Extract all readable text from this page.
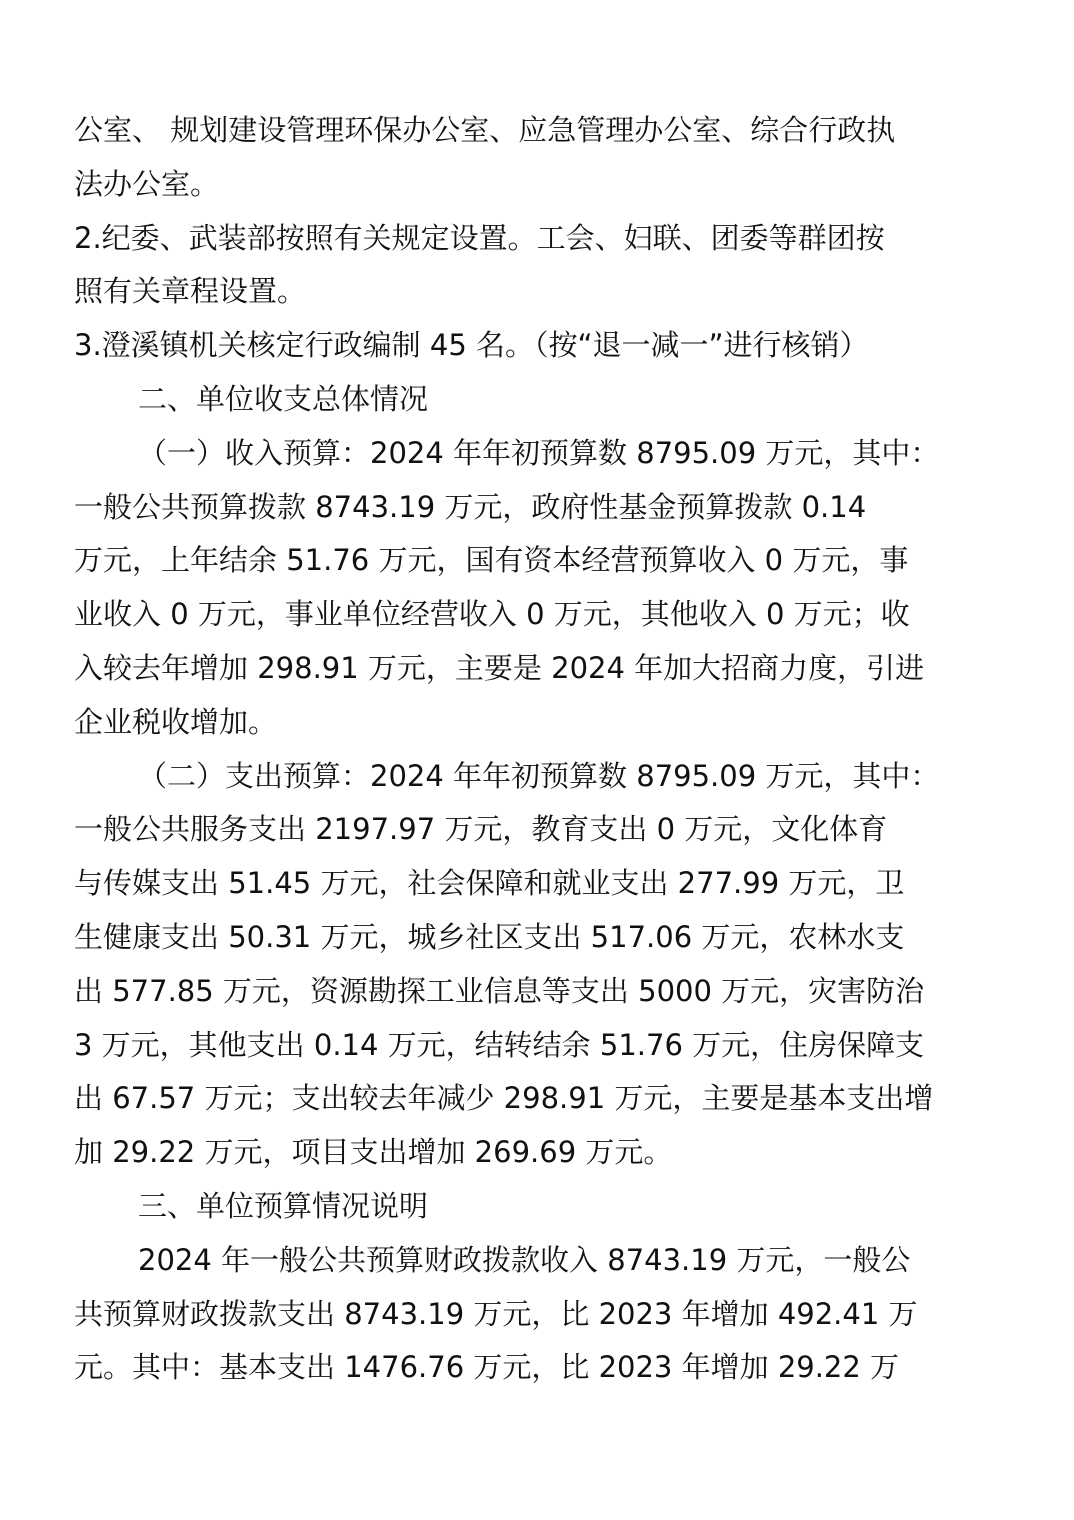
公室、 规划建设管理环保办公室、应急管理办公室、综合行政执
法办公室。
2.纪委、武装部按照有关规定设置。工会、妇联、团委等群团按
照有关章程设置。
3.澄溪镇机关核定行政编制 45 名。（按“退一减一”进行核销）
二、单位收支总体情况
（一）收入预算：2024 年年初预算数 8795.09 万元，其中：
一般公共预算拨款 8743.19 万元，政府性基金预算拨款 0.14
万元，上年结余 51.76 万元，国有资本经营预算收入 0 万元，事
业收入 0 万元，事业单位经营收入 0 万元，其他收入 0 万元；收
入较去年增加 298.91 万元，主要是 2024 年加大招商力度，引进
企业税收增加。
（二）支出预算：2024 年年初预算数 8795.09 万元，其中：
一般公共服务支出 2197.97 万元，教育支出 0 万元，文化体育
与传媒支出 51.45 万元，社会保障和就业支出 277.99 万元，卫
生健康支出 50.31 万元，城乡社区支出 517.06 万元，农林水支
出 577.85 万元，资源勘探工业信息等支出 5000 万元，灾害防治
3 万元，其他支出 0.14 万元，结转结余 51.76 万元，住房保障支
出 67.57 万元；支出较去年减少 298.91 万元，主要是基本支出增
加 29.22 万元，项目支出增加 269.69 万元。
三、单位预算情况说明
2024 年一般公共预算财政拨款收入 8743.19 万元，一般公
共预算财政拨款支出 8743.19 万元，比 2023 年增加 492.41 万
元。其中：基本支出 1476.76 万元，比 2023 年增加 29.22 万
